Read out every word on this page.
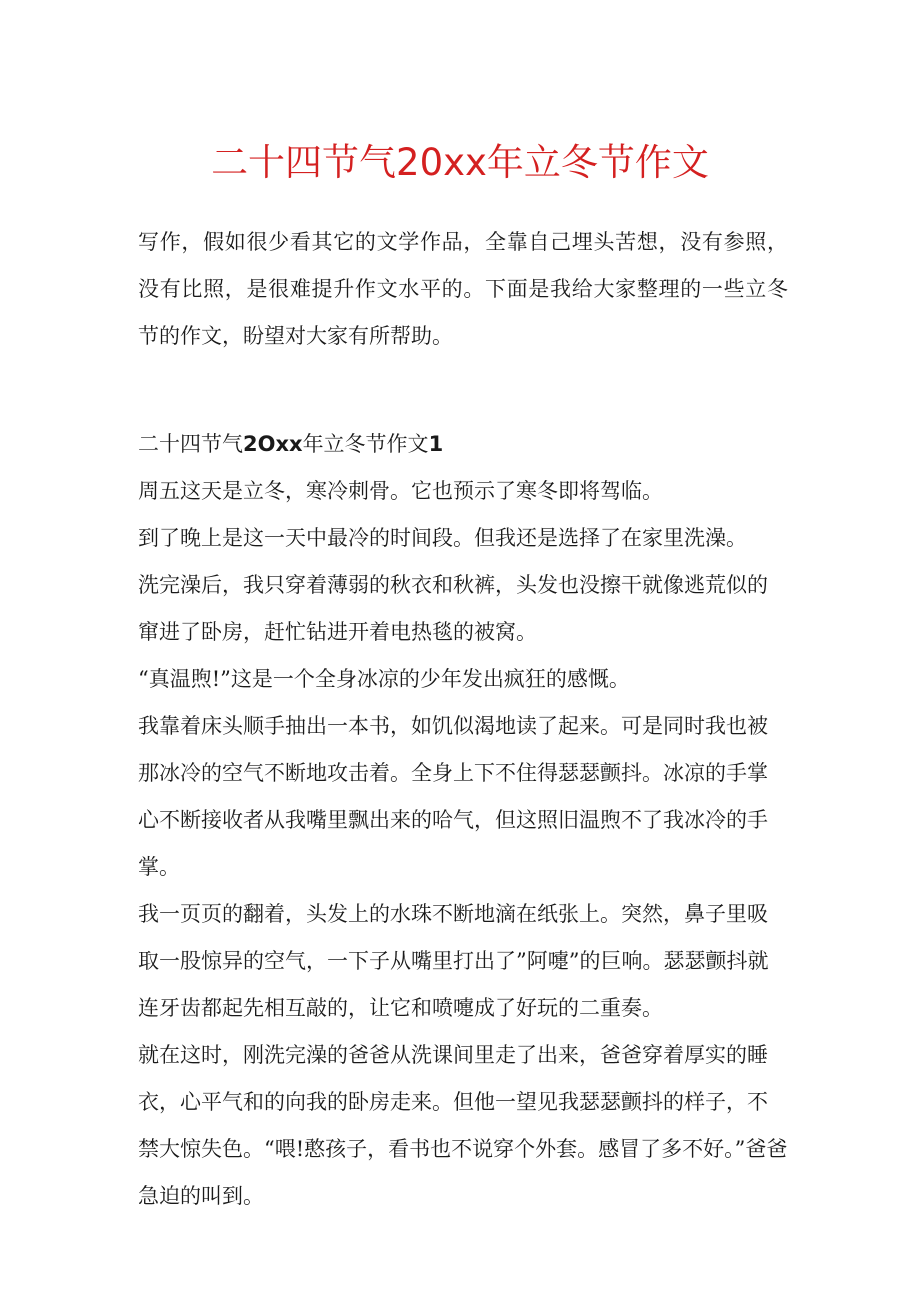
二十四节气20xx年立冬节作文

写作，假如很少看其它的文学作品，全靠自己埋头苦想，没有参照，没有比照，是很难提升作文水平的。下面是我给大家整理的一些立冬节的作文，盼望对大家有所帮助。

二十四节气2Oxx年立冬节作文1

周五这天是立冬，寒冷刺骨。它也预示了寒冬即将驾临。

到了晚上是这一天中最冷的时间段。但我还是选择了在家里洗澡。

洗完澡后，我只穿着薄弱的秋衣和秋裤，头发也没擦干就像逃荒似的窜进了卧房，赶忙钻进开着电热毯的被窝。

“真温煦!”这是一个全身冰凉的少年发出疯狂的感慨。

我靠着床头顺手抽出一本书，如饥似渴地读了起来。可是同时我也被那冰冷的空气不断地攻击着。全身上下不住得瑟瑟颤抖。冰凉的手掌心不断接收者从我嘴里飘出来的哈气，但这照旧温煦不了我冰冷的手掌。

我一页页的翻着，头发上的水珠不断地滴在纸张上。突然，鼻子里吸取一股惊异的空气，一下子从嘴里打出了”阿嚏”的巨响。瑟瑟颤抖就连牙齿都起先相互敲的，让它和喷嚏成了好玩的二重奏。

就在这时，刚洗完澡的爸爸从洗课间里走了出来，爸爸穿着厚实的睡衣，心平气和的向我的卧房走来。但他一望见我瑟瑟颤抖的样子，不禁大惊失色。“喂!憨孩子，看书也不说穿个外套。感冒了多不好。”爸爸急迫的叫到。
